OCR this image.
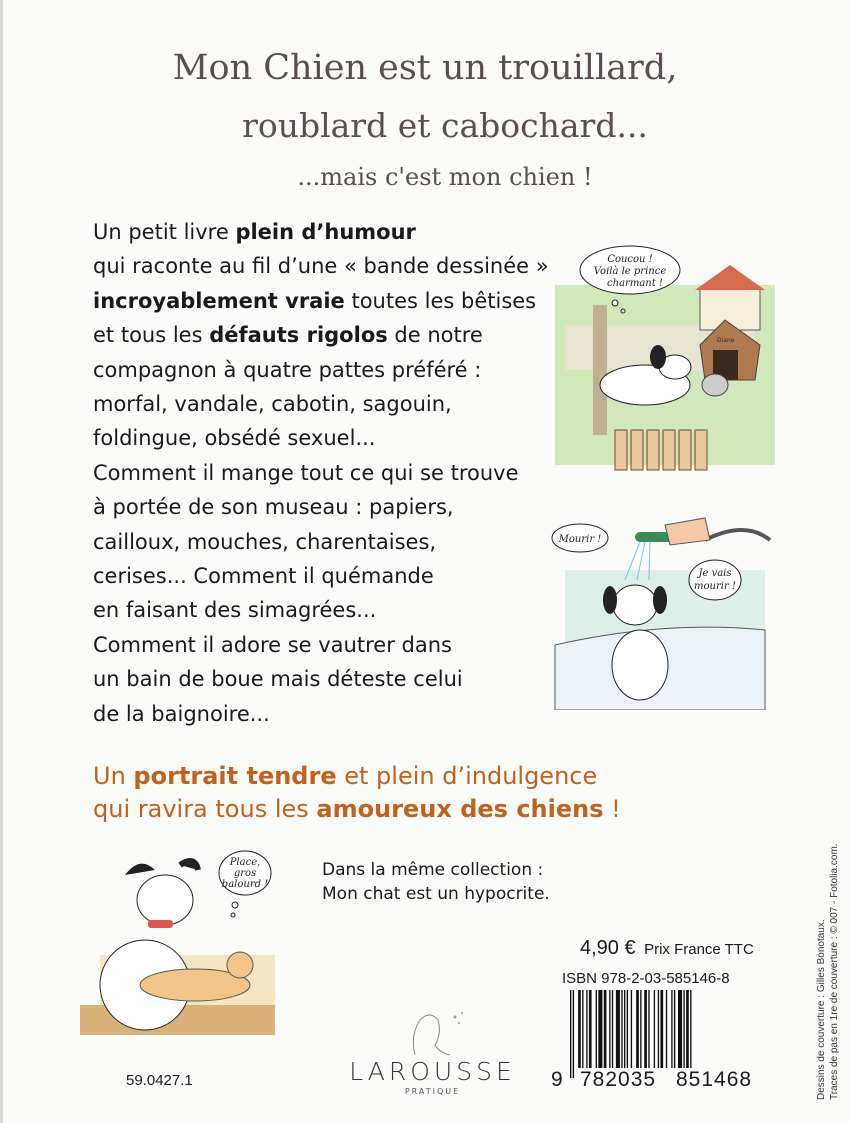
Mon Chien est un trouillard,
roublard et cabochard...
...mais c'est mon chien !
Un petit livre plein d’humour
qui raconte au fil d’une « bande dessinée »
incroyablement vraie toutes les bêtises
et tous les défauts rigolos de notre
compagnon à quatre pattes préféré :
morfal, vandale, cabotin, sagouin,
foldingue, obsédé sexuel...
Comment il mange tout ce qui se trouve
à portée de son museau : papiers,
cailloux, mouches, charentaises,
cerises... Comment il quémande
en faisant des simagrées...
Comment il adore se vautrer dans
un bain de boue mais déteste celui
de la baignoire...
Un portrait tendre et plein d’indulgence
qui ravira tous les amoureux des chiens !
Diane
Coucou !
Voilà le prince
charmant !
Mourir !
Je vais
mourir !
Place,
gros
balourd !
Dans la même collection :
Mon chat est un hypocrite.
4,90 € Prix France TTC
ISBN 978-2-03-585146-8
9 782035 851468
59.0427.1	LAROUSSE
PRATIQUE	Dessins de couverture : Gilles Bonotaux. Traces de pas en 1re de couverture : © 007 - Fotolia.com.
